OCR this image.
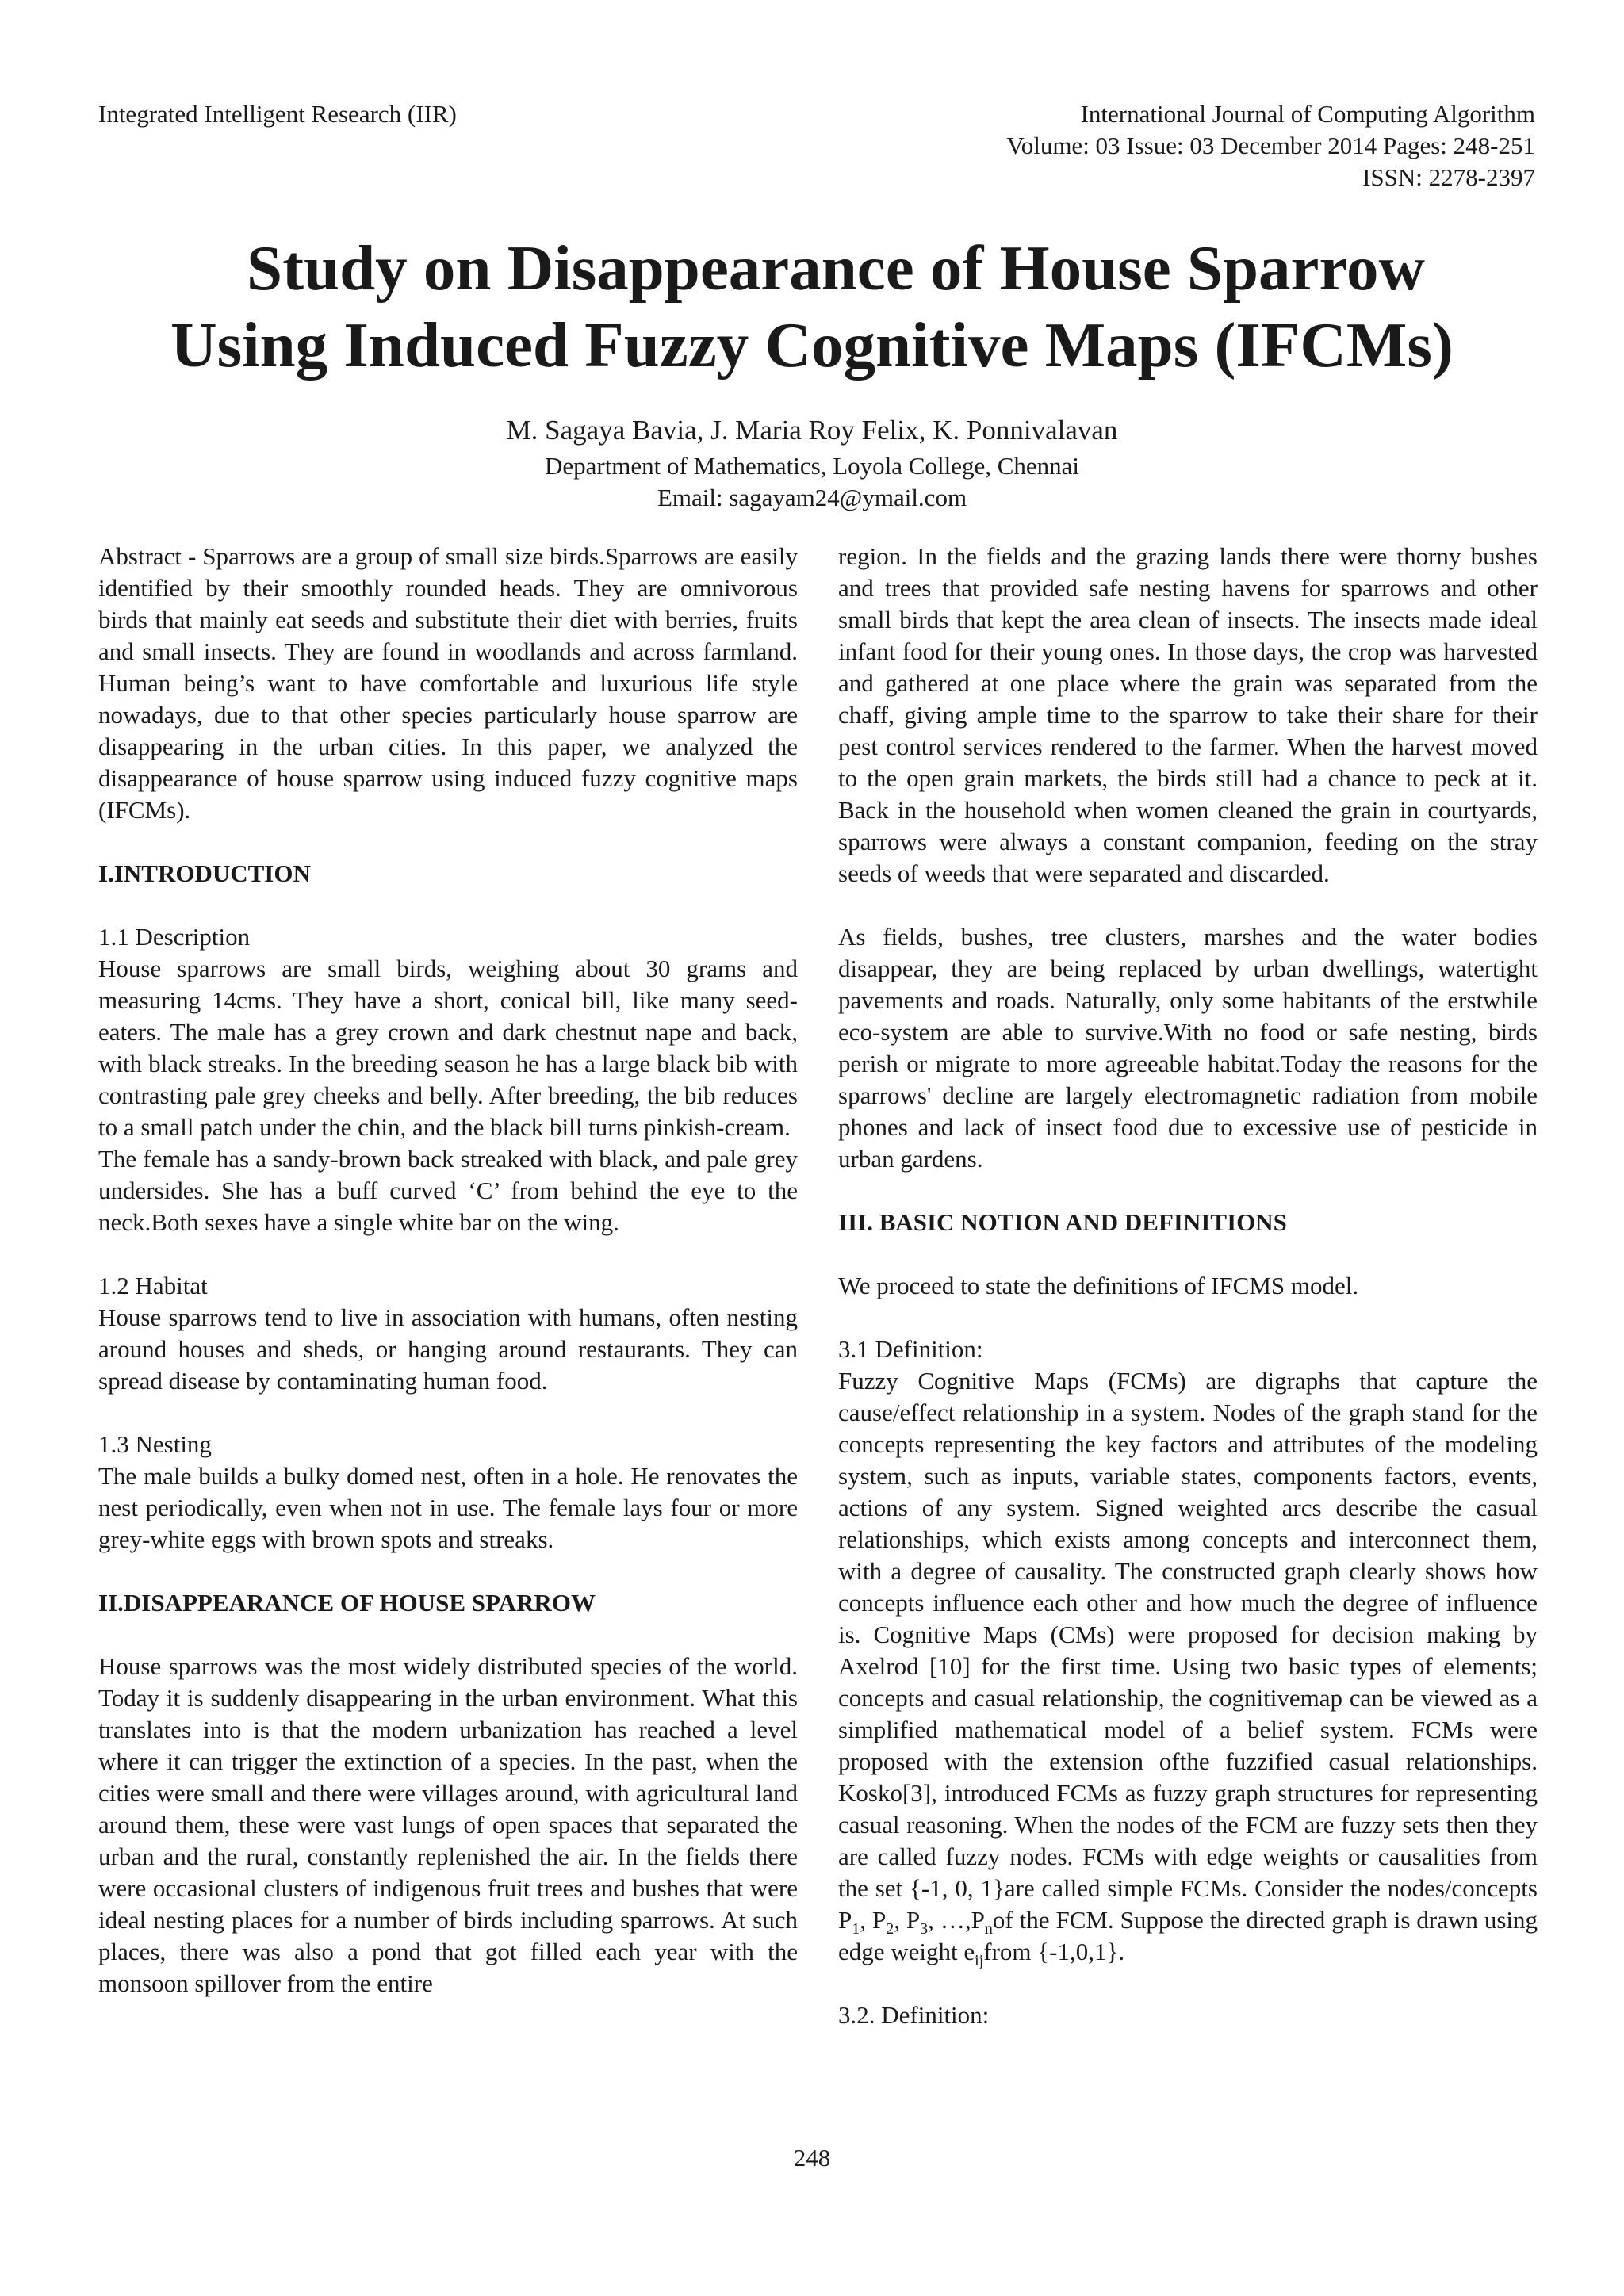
Integrated Intelligent Research (IIR)	International Journal of Computing Algorithm
Volume: 03 Issue: 03 December 2014 Pages: 248-251
ISSN: 2278-2397
Study on Disappearance of House Sparrow
Using Induced Fuzzy Cognitive Maps (IFCMs)
M. Sagaya Bavia, J. Maria Roy Felix, K. Ponnivalavan
Department of Mathematics, Loyola College, Chennai
Email: sagayam24@ymail.com

Abstract - Sparrows are a group of small size birds.Sparrows are easily identified by their smoothly rounded heads. They are omnivorous birds that mainly eat seeds and substitute their diet with berries, fruits and small insects. They are found in woodlands and across farmland. Human being’s want to have comfortable and luxurious life style nowadays, due to that other species particularly house sparrow are disappearing in the urban cities. In this paper, we analyzed the disappearance of house sparrow using induced fuzzy cognitive maps (IFCMs).

I.INTRODUCTION

1.1 Description

House sparrows are small birds, weighing about 30 grams and measuring 14cms. They have a short, conical bill, like many seed-eaters. The male has a grey crown and dark chestnut nape and back, with black streaks. In the breeding season he has a large black bib with contrasting pale grey cheeks and belly. After breeding, the bib reduces to a small patch under the chin, and the black bill turns pinkish-cream.

The female has a sandy-brown back streaked with black, and pale grey undersides. She has a buff curved ‘C’ from behind the eye to the neck.Both sexes have a single white bar on the wing.

1.2 Habitat

House sparrows tend to live in association with humans, often nesting around houses and sheds, or hanging around restaurants. They can spread disease by contaminating human food.

1.3 Nesting

The male builds a bulky domed nest, often in a hole. He renovates the nest periodically, even when not in use. The female lays four or more grey-white eggs with brown spots and streaks.

II.DISAPPEARANCE OF HOUSE SPARROW

House sparrows was the most widely distributed species of the world. Today it is suddenly disappearing in the urban environment. What this translates into is that the modern urbanization has reached a level where it can trigger the extinction of a species. In the past, when the cities were small and there were villages around, with agricultural land around them, these were vast lungs of open spaces that separated the urban and the rural, constantly replenished the air. In the fields there were occasional clusters of indigenous fruit trees and bushes that were ideal nesting places for a number of birds including sparrows. At such places, there was also a pond that got filled each year with the monsoon spillover from the entire

region. In the fields and the grazing lands there were thorny bushes and trees that provided safe nesting havens for sparrows and other small birds that kept the area clean of insects. The insects made ideal infant food for their young ones. In those days, the crop was harvested and gathered at one place where the grain was separated from the chaff, giving ample time to the sparrow to take their share for their pest control services rendered to the farmer. When the harvest moved to the open grain markets, the birds still had a chance to peck at it. Back in the household when women cleaned the grain in courtyards, sparrows were always a constant companion, feeding on the stray seeds of weeds that were separated and discarded.

As fields, bushes, tree clusters, marshes and the water bodies disappear, they are being replaced by urban dwellings, watertight pavements and roads. Naturally, only some habitants of the erstwhile eco-system are able to survive.With no food or safe nesting, birds perish or migrate to more agreeable habitat.Today the reasons for the sparrows' decline are largely electromagnetic radiation from mobile phones and lack of insect food due to excessive use of pesticide in urban gardens.

III. BASIC NOTION AND DEFINITIONS

We proceed to state the definitions of IFCMS model.

3.1 Definition:

Fuzzy Cognitive Maps (FCMs) are digraphs that capture the cause/effect relationship in a system. Nodes of the graph stand for the concepts representing the key factors and attributes of the modeling system, such as inputs, variable states, components factors, events, actions of any system. Signed weighted arcs describe the casual relationships, which exists among concepts and interconnect them, with a degree of causality. The constructed graph clearly shows how concepts influence each other and how much the degree of influence is. Cognitive Maps (CMs) were proposed for decision making by Axelrod [10] for the first time. Using two basic types of elements; concepts and casual relationship, the cognitivemap can be viewed as a simplified mathematical model of a belief system. FCMs were proposed with the extension ofthe fuzzified casual relationships. Kosko[3], introduced FCMs as fuzzy graph structures for representing casual reasoning. When the nodes of the FCM are fuzzy sets then they are called fuzzy nodes. FCMs with edge weights or causalities from the set {-1, 0, 1}are called simple FCMs. Consider the nodes/concepts $P_1$, $P_2$, $P_3$, $\dots,P_nof$ the FCM. Suppose the directed graph is drawn using edge weight $e_{ij}from$ {-1,0,1}.

3.2. Definition:

248
